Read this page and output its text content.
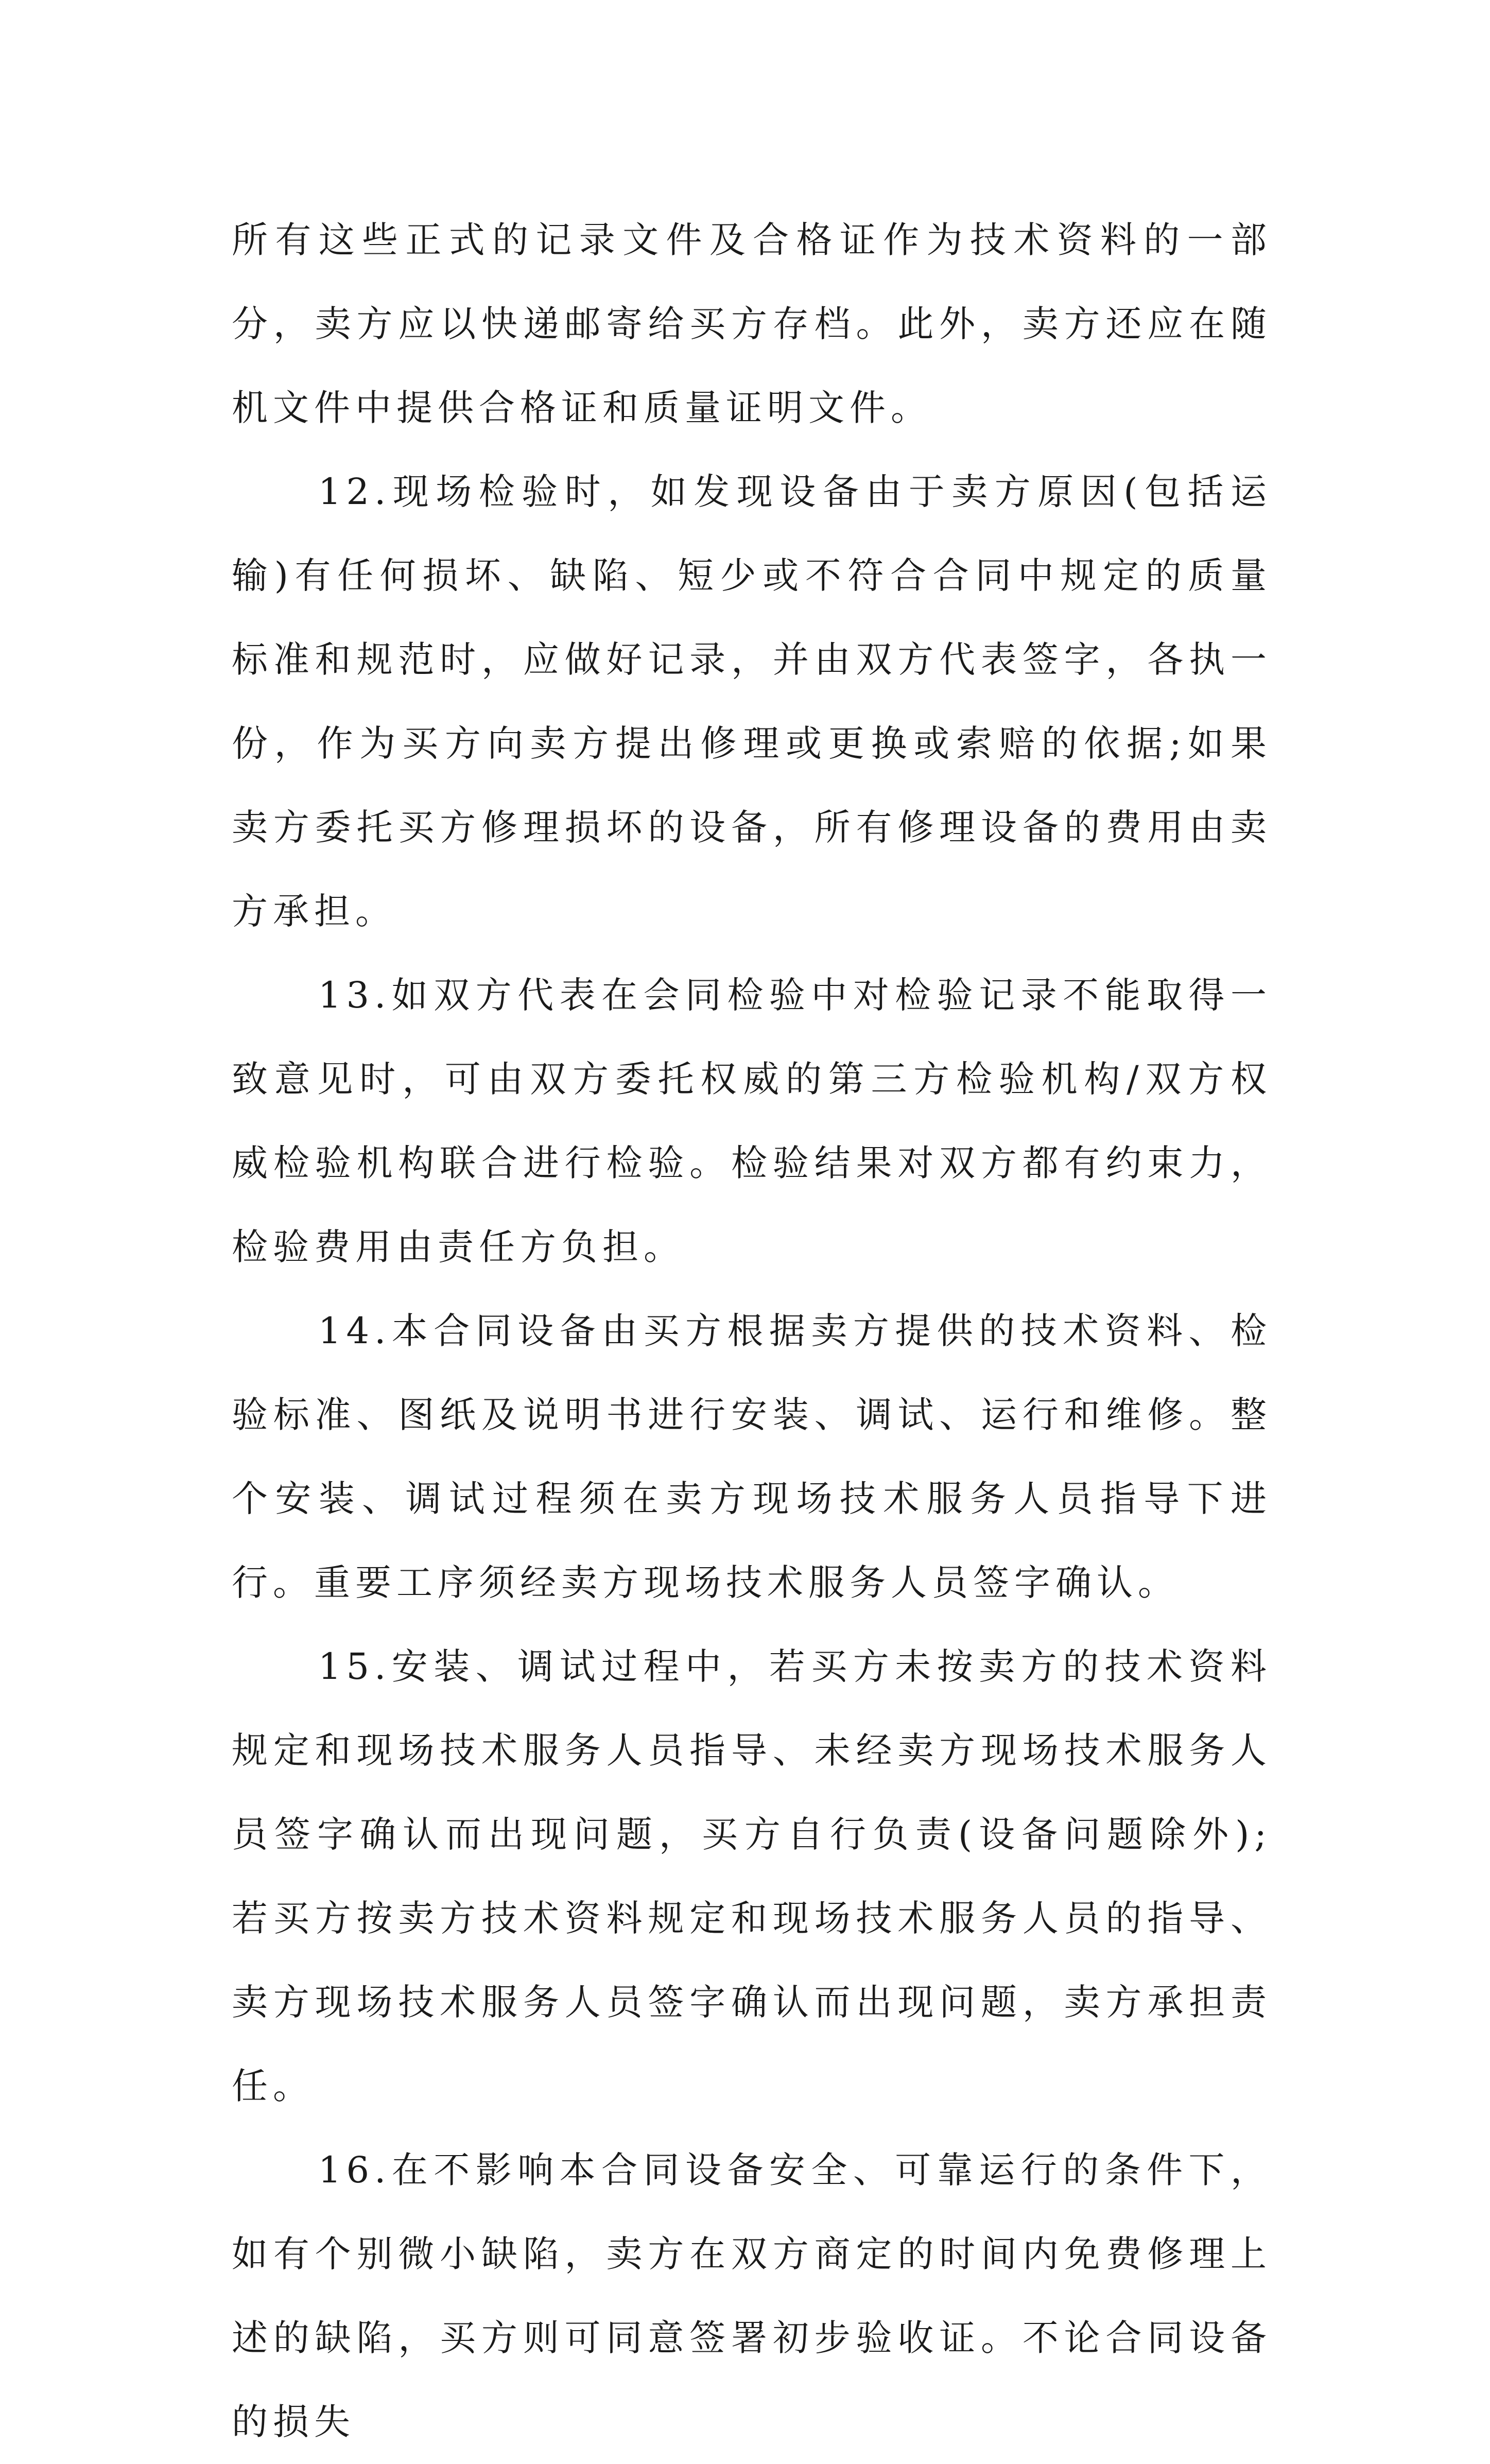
所有这些正式的记录文件及合格证作为技术资料的一部分，卖方应以快递邮寄给买方存档。此外，卖方还应在随机文件中提供合格证和质量证明文件。

12.现场检验时，如发现设备由于卖方原因(包括运输)有任何损坏、缺陷、短少或不符合合同中规定的质量标准和规范时，应做好记录，并由双方代表签字，各执一份，作为买方向卖方提出修理或更换或索赔的依据;如果卖方委托买方修理损坏的设备，所有修理设备的费用由卖方承担。

13.如双方代表在会同检验中对检验记录不能取得一致意见时，可由双方委托权威的第三方检验机构/双方权威检验机构联合进行检验。检验结果对双方都有约束力，检验费用由责任方负担。

14.本合同设备由买方根据卖方提供的技术资料、检验标准、图纸及说明书进行安装、调试、运行和维修。整个安装、调试过程须在卖方现场技术服务人员指导下进行。重要工序须经卖方现场技术服务人员签字确认。

15.安装、调试过程中，若买方未按卖方的技术资料规定和现场技术服务人员指导、未经卖方现场技术服务人员签字确认而出现问题，买方自行负责(设备问题除外);若买方按卖方技术资料规定和现场技术服务人员的指导、卖方现场技术服务人员签字确认而出现问题，卖方承担责任。

16.在不影响本合同设备安全、可靠运行的条件下，如有个别微小缺陷，卖方在双方商定的时间内免费修理上述的缺陷，买方则可同意签署初步验收证。不论合同设备的损失
